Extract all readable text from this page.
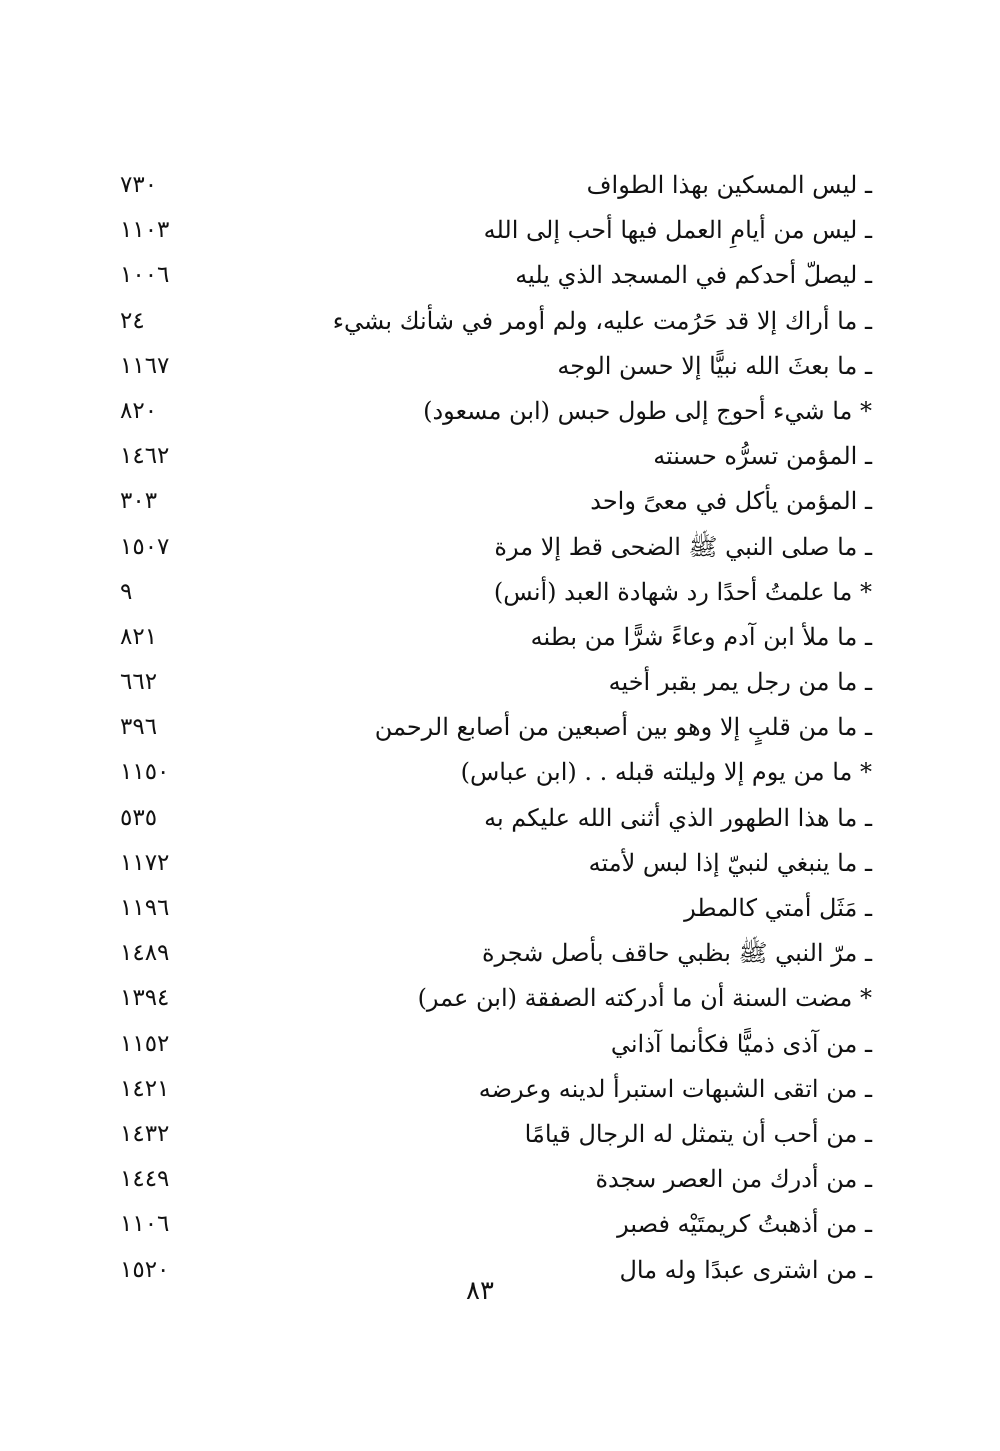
ـ ليس المسكين بهذا الطواف
٧٣٠
ـ ليس من أيامِ العمل فيها أحب إلى الله
١١٠٣
ـ ليصلّ أحدكم في المسجد الذي يليه
١٠٠٦
ـ ما أراك إلا قد حَرُمت عليه، ولم أومر في شأنك بشيء
٢٤
ـ ما بعثَ الله نبيًّا إلا حسن الوجه
١١٦٧
* ما شيء أحوج إلى طول حبس (ابن مسعود)
٨٢٠
ـ المؤمن تسرُّه حسنته
١٤٦٢
ـ المؤمن يأكل في معىً واحد
٣٠٣
ـ ما صلى النبي ﷺ الضحى قط إلا مرة
١٥٠٧
* ما علمتُ أحدًا رد شهادة العبد (أنس)
٩
ـ ما ملأ ابن آدم وعاءً شرًّا من بطنه
٨٢١
ـ ما من رجل يمر بقبر أخيه
٦٦٢
ـ ما من قلبٍ إلا وهو بين أصبعين من أصابع الرحمن
٣٩٦
* ما من يوم إلا وليلته قبله . . (ابن عباس)
١١٥٠
ـ ما هذا الطهور الذي أثنى الله عليكم به
٥٣٥
ـ ما ينبغي لنبيّ إذا لبس لأمته
١١٧٢
ـ مَثَل أمتي كالمطر
١١٩٦
ـ مرّ النبي ﷺ بظبي حاقف بأصل شجرة
١٤٨٩
* مضت السنة أن ما أدركته الصفقة (ابن عمر)
١٣٩٤
ـ من آذى ذميًّا فكأنما آذاني
١١٥٢
ـ من اتقى الشبهات استبرأ لدينه وعرضه
١٤٢١
ـ من أحب أن يتمثل له الرجال قيامًا
١٤٣٢
ـ من أدرك من العصر سجدة
١٤٤٩
ـ من أذهبتُ كريمتَيْه فصبر
١١٠٦
ـ من اشترى عبدًا وله مال
١٥٢٠
٨٣
